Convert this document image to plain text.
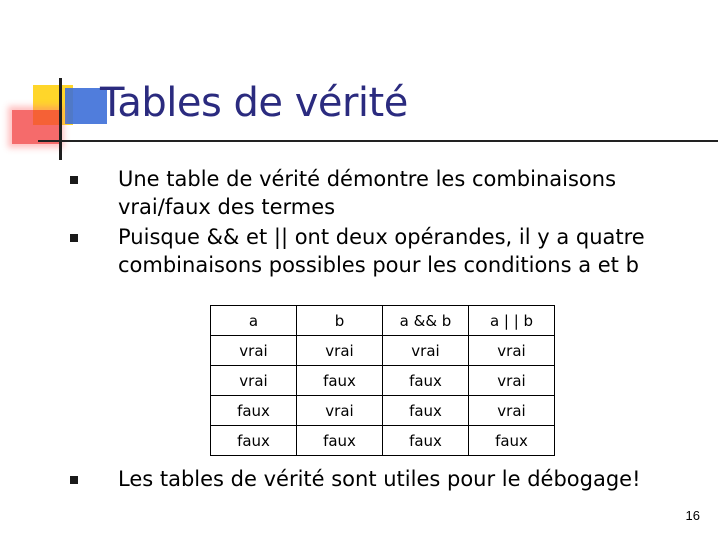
Tables de vérité
Une table de vérité démontre les combinaisons vrai/faux des termes
Puisque && et || ont deux opérandes, il y a quatre combinaisons possibles pour les conditions a et b
a	b	a && b	a | | b
vrai	vrai	vrai	vrai
vrai	faux	faux	vrai
faux	vrai	faux	vrai
faux	faux	faux	faux
Les tables de vérité sont utiles pour le débogage!
16
